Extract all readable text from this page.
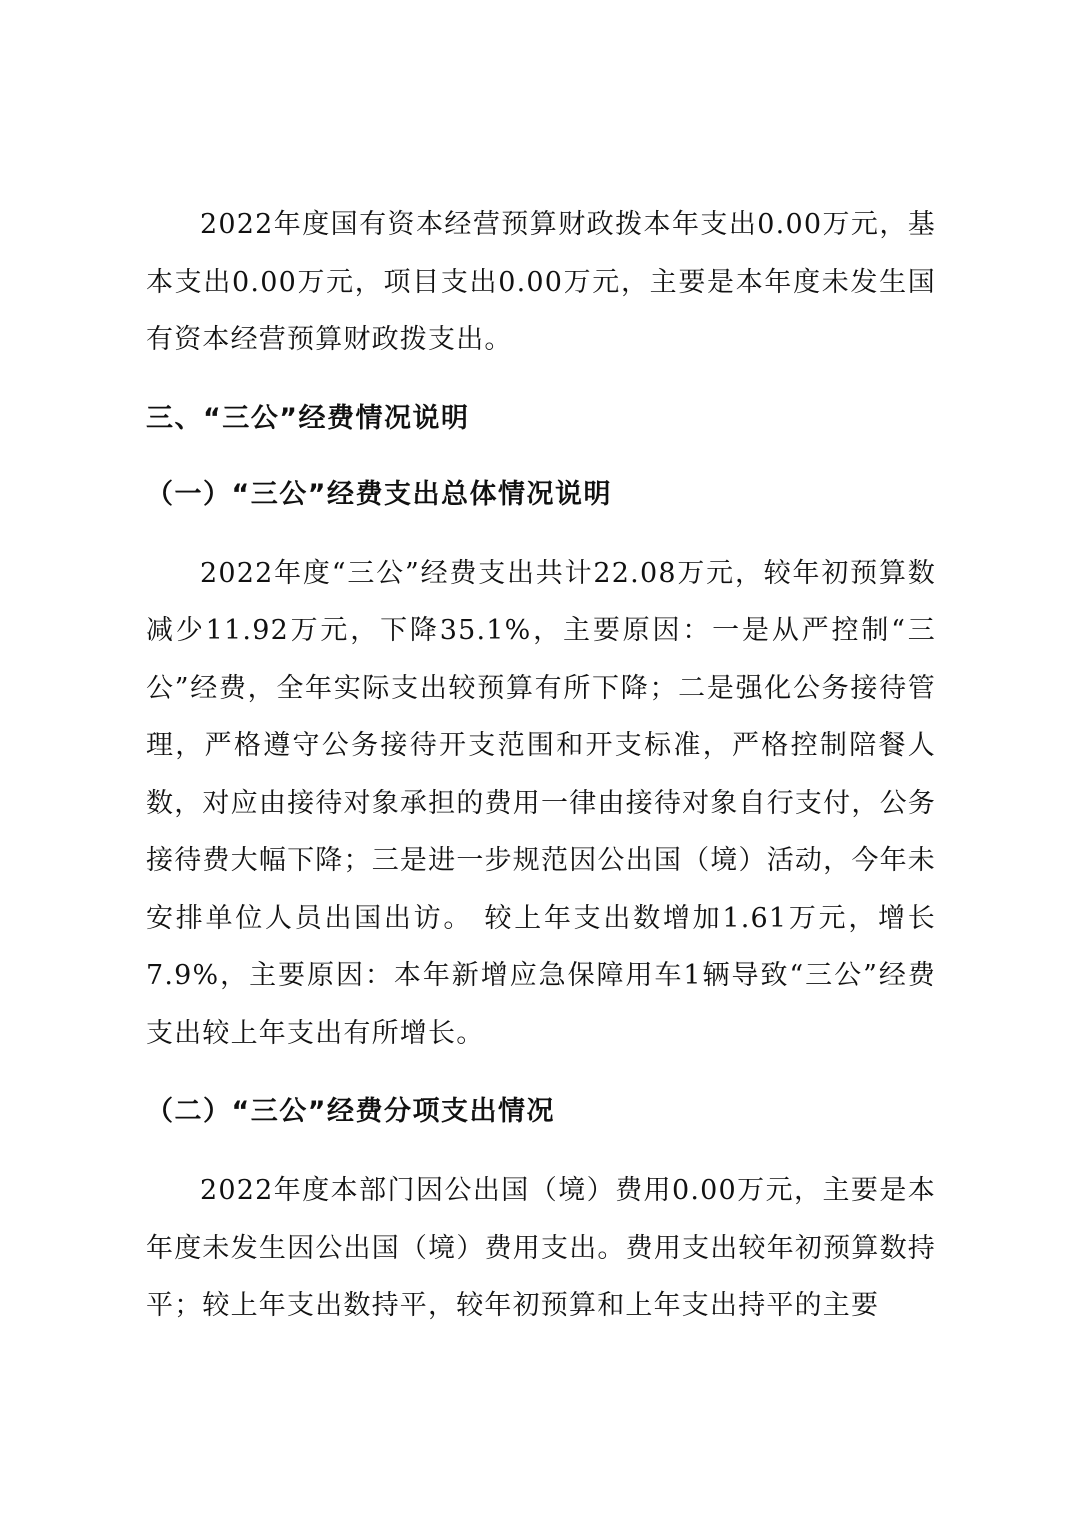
2022年度国有资本经营预算财政拨本年支出0.00万元，基本支出0.00万元，项目支出0.00万元，主要是本年度未发生国有资本经营预算财政拨支出。

三、“三公”经费情况说明
（一）“三公”经费支出总体情况说明

2022年度“三公”经费支出共计22.08万元，较年初预算数减少11.92万元，下降35.1%，主要原因：一是从严控制“三公”经费，全年实际支出较预算有所下降；二是强化公务接待管理，严格遵守公务接待开支范围和开支标准，严格控制陪餐人数，对应由接待对象承担的费用一律由接待对象自行支付，公务接待费大幅下降；三是进一步规范因公出国（境）活动，今年未安排单位人员出国出访。 较上年支出数增加1.61万元，增长7.9%，主要原因：本年新增应急保障用车1辆导致“三公”经费支出较上年支出有所增长。

（二）“三公”经费分项支出情况

2022年度本部门因公出国（境）费用0.00万元，主要是本年度未发生因公出国（境）费用支出。费用支出较年初预算数持平；较上年支出数持平，较年初预算和上年支出持平的主要
